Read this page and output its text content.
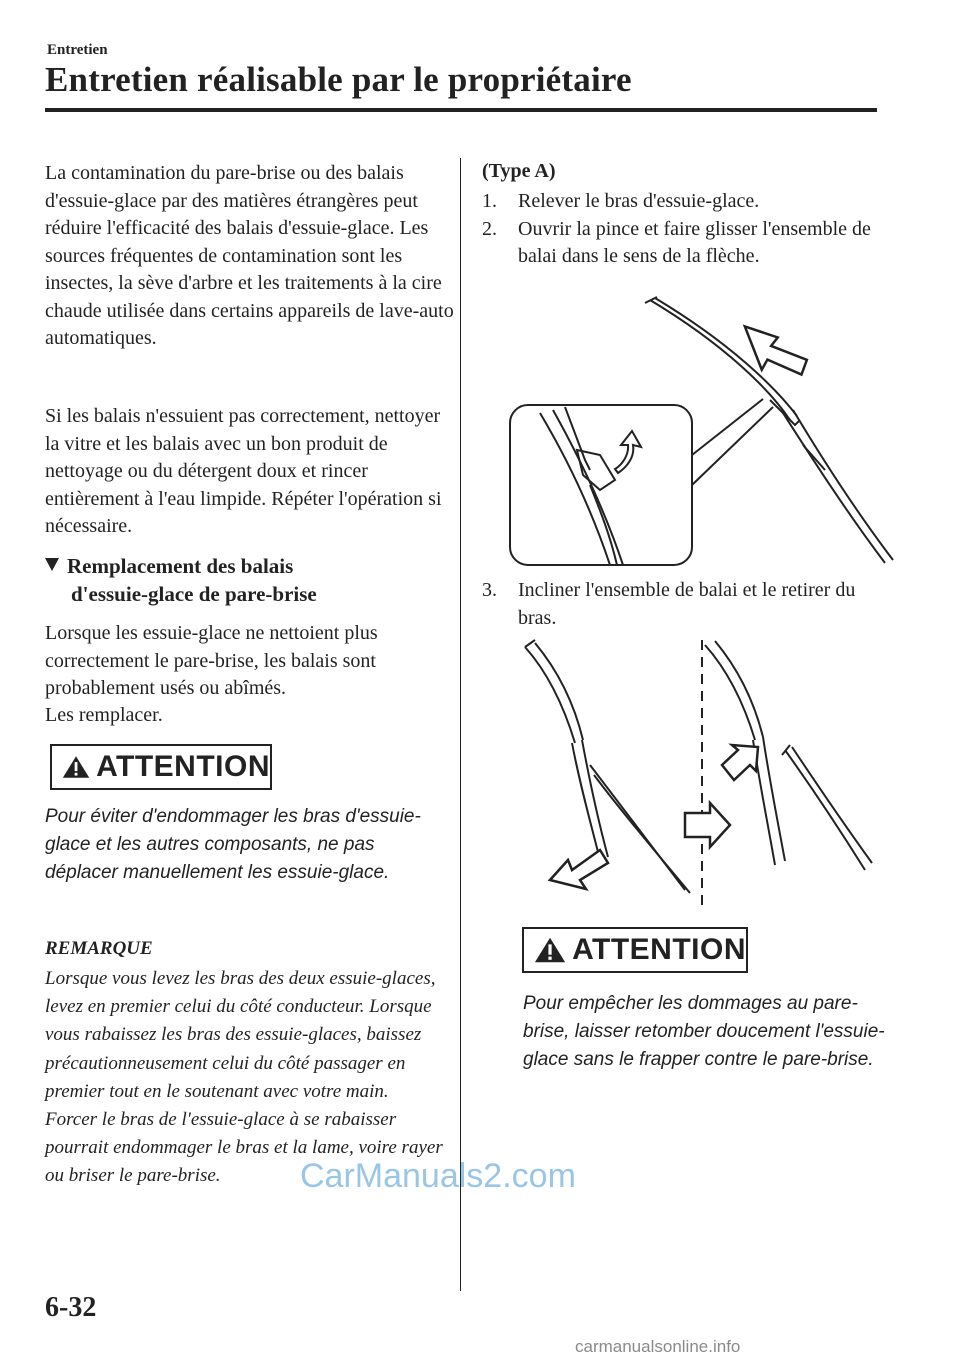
Entretien
Entretien réalisable par le propriétaire

La contamination du pare-brise ou des balais d'essuie-glace par des matières étrangères peut réduire l'efficacité des balais d'essuie-glace. Les sources fréquentes de contamination sont les insectes, la sève d'arbre et les traitements à la cire chaude utilisée dans certains appareils de lave-auto automatiques.

Si les balais n'essuient pas correctement, nettoyer la vitre et les balais avec un bon produit de nettoyage ou du détergent doux et rincer entièrement à l'eau limpide. Répéter l'opération si nécessaire.

Remplacement des balais
d'essuie-glace de pare-brise

Lorsque les essuie-glace ne nettoient plus correctement le pare-brise, les balais sont probablement usés ou abîmés.

Les remplacer.

ATTENTION

Pour éviter d'endommager les bras d'essuie-glace et les autres composants, ne pas déplacer manuellement les essuie-glace.

REMARQUE

Lorsque vous levez les bras des deux essuie-glaces, levez en premier celui du côté conducteur. Lorsque vous rabaissez les bras des essuie-glaces, baissez précautionneusement celui du côté passager en premier tout en le soutenant avec votre main. Forcer le bras de l'essuie-glace à se rabaisser pourrait endommager le bras et la lame, voire rayer ou briser le pare-brise.

(Type A)
1.	Relever le bras d'essuie-glace.
2.	Ouvrir la pince et faire glisser l'ensemble de balai dans le sens de la flèche.
3.	Incliner l'ensemble de balai et le retirer du bras.
ATTENTION

Pour empêcher les dommages au pare-brise, laisser retomber doucement l'essuie-glace sans le frapper contre le pare-brise.

6-32
CarManuals2.com
carmanualsonline.info
